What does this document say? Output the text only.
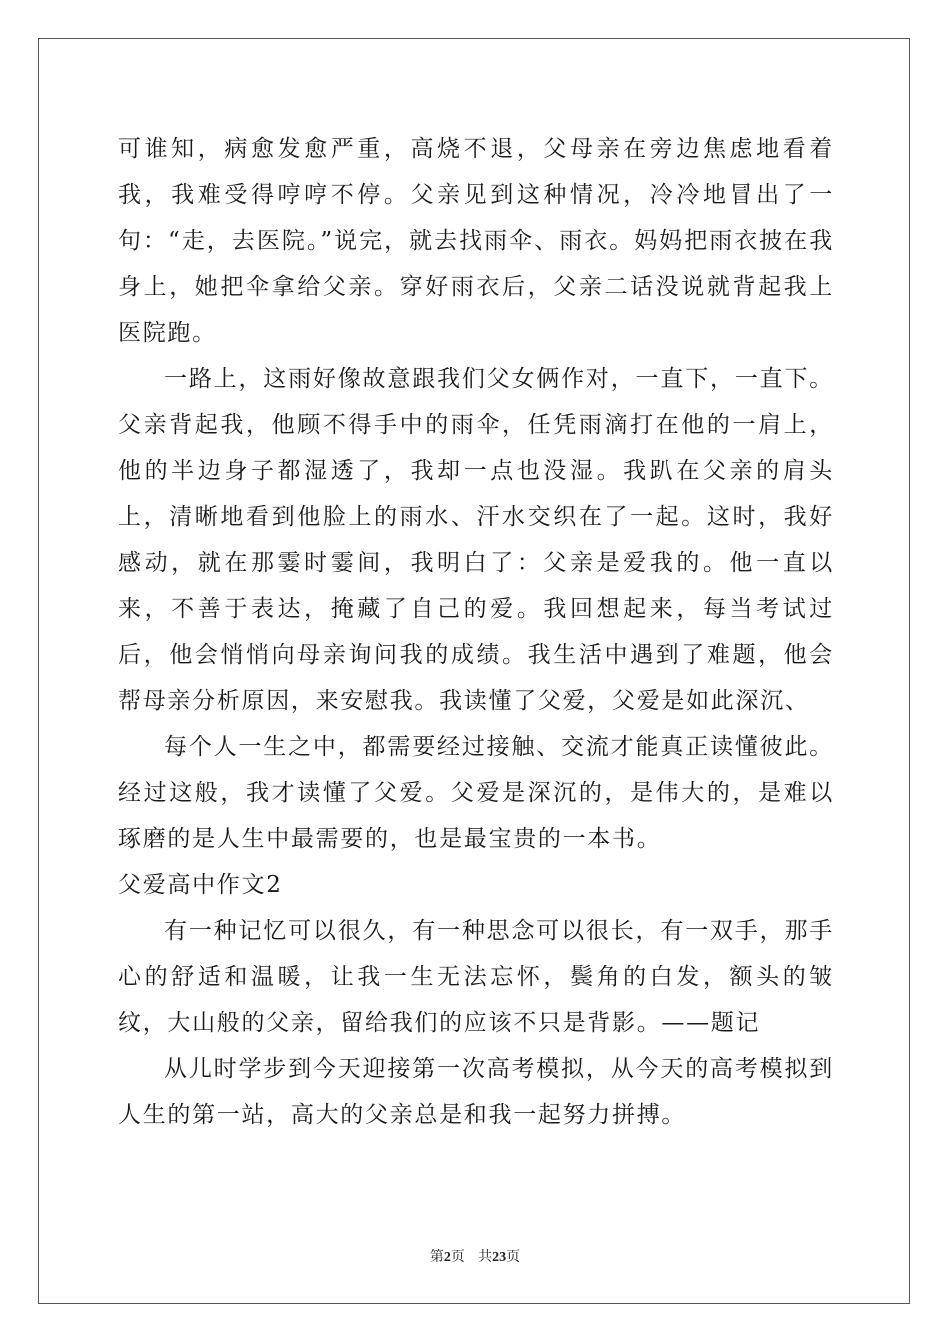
可谁知，病愈发愈严重，高烧不退，父母亲在旁边焦虑地看着我，我难受得哼哼不停。父亲见到这种情况，冷冷地冒出了一句：“走，去医院。”说完，就去找雨伞、雨衣。妈妈把雨衣披在我身上，她把伞拿给父亲。穿好雨衣后，父亲二话没说就背起我上医院跑。

一路上，这雨好像故意跟我们父女俩作对，一直下，一直下。父亲背起我，他顾不得手中的雨伞，任凭雨滴打在他的一肩上，他的半边身子都湿透了，我却一点也没湿。我趴在父亲的肩头上，清晰地看到他脸上的雨水、汗水交织在了一起。这时，我好感动，就在那霎时霎间，我明白了：父亲是爱我的。他一直以来，不善于表达，掩藏了自己的爱。我回想起来，每当考试过后，他会悄悄向母亲询问我的成绩。我生活中遇到了难题，他会帮母亲分析原因，来安慰我。我读懂了父爱，父爱是如此深沉、

每个人一生之中，都需要经过接触、交流才能真正读懂彼此。经过这般，我才读懂了父爱。父爱是深沉的，是伟大的，是难以琢磨的是人生中最需要的，也是最宝贵的一本书。

父爱高中作文2

有一种记忆可以很久，有一种思念可以很长，有一双手，那手心的舒适和温暖，让我一生无法忘怀，鬓角的白发，额头的皱纹，大山般的父亲，留给我们的应该不只是背影。——题记

从儿时学步到今天迎接第一次高考模拟，从今天的高考模拟到人生的第一站，高大的父亲总是和我一起努力拼搏。

第2页   共23页
